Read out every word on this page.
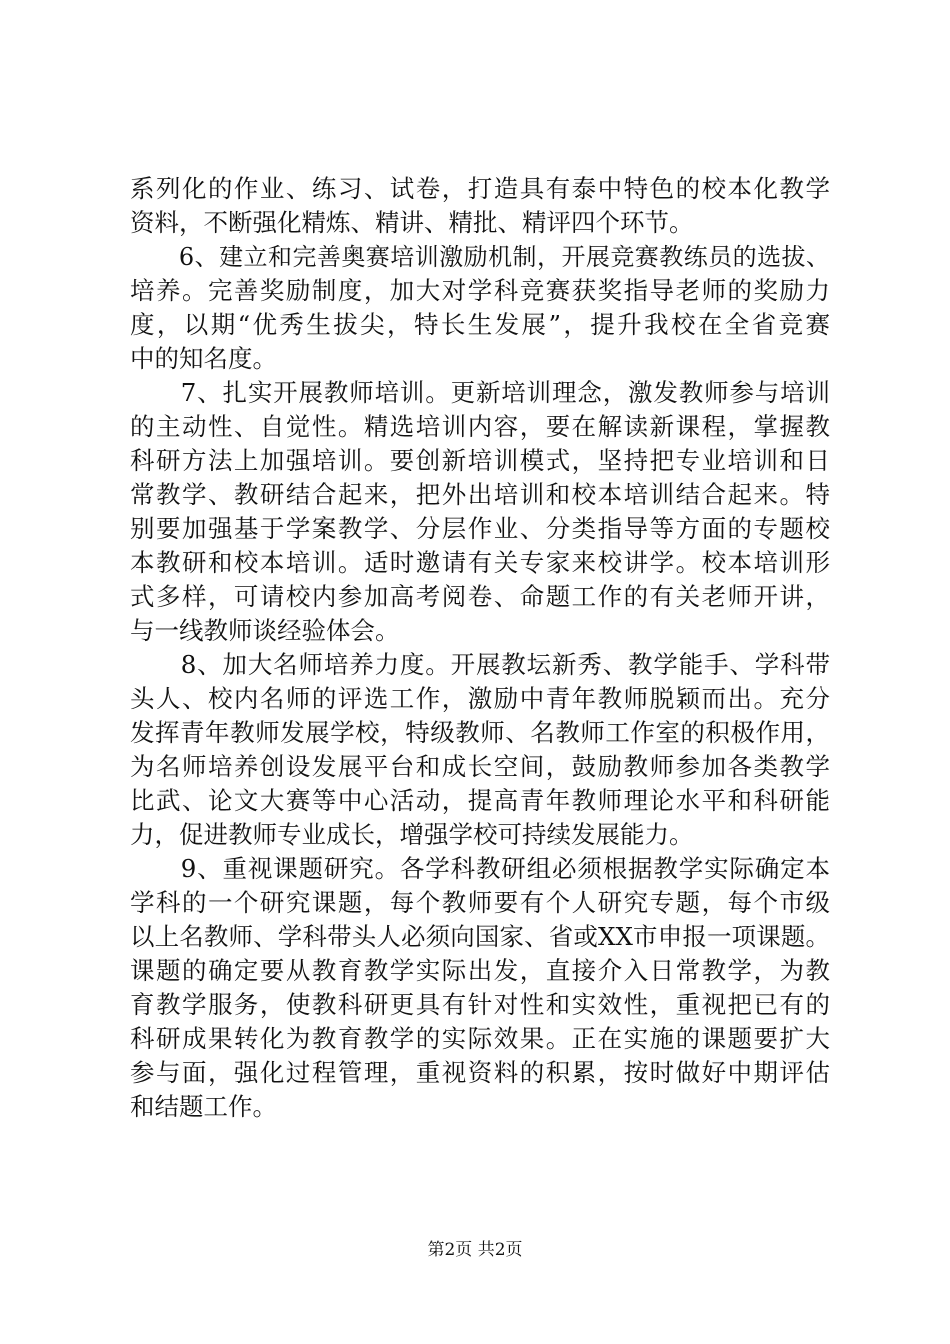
系列化的作业、练习、试卷，打造具有泰中特色的校本化教学
资料，不断强化精炼、精讲、精批、精评四个环节。
　　6、建立和完善奥赛培训激励机制，开展竞赛教练员的选拔、
培养。完善奖励制度，加大对学科竞赛获奖指导老师的奖励力
度，以期“优秀生拔尖，特长生发展”，提升我校在全省竞赛
中的知名度。
　　7、扎实开展教师培训。更新培训理念，激发教师参与培训
的主动性、自觉性。精选培训内容，要在解读新课程，掌握教
科研方法上加强培训。要创新培训模式，坚持把专业培训和日
常教学、教研结合起来，把外出培训和校本培训结合起来。特
别要加强基于学案教学、分层作业、分类指导等方面的专题校
本教研和校本培训。适时邀请有关专家来校讲学。校本培训形
式多样，可请校内参加高考阅卷、命题工作的有关老师开讲，
与一线教师谈经验体会。
　　8、加大名师培养力度。开展教坛新秀、教学能手、学科带
头人、校内名师的评选工作，激励中青年教师脱颖而出。充分
发挥青年教师发展学校，特级教师、名教师工作室的积极作用，
为名师培养创设发展平台和成长空间，鼓励教师参加各类教学
比武、论文大赛等中心活动，提高青年教师理论水平和科研能
力，促进教师专业成长，增强学校可持续发展能力。
　　9、重视课题研究。各学科教研组必须根据教学实际确定本
学科的一个研究课题，每个教师要有个人研究专题，每个市级
以上名教师、学科带头人必须向国家、省或XX市申报一项课题。
课题的确定要从教育教学实际出发，直接介入日常教学，为教
育教学服务，使教科研更具有针对性和实效性，重视把已有的
科研成果转化为教育教学的实际效果。正在实施的课题要扩大
参与面，强化过程管理，重视资料的积累，按时做好中期评估
和结题工作。
第2页 共2页
